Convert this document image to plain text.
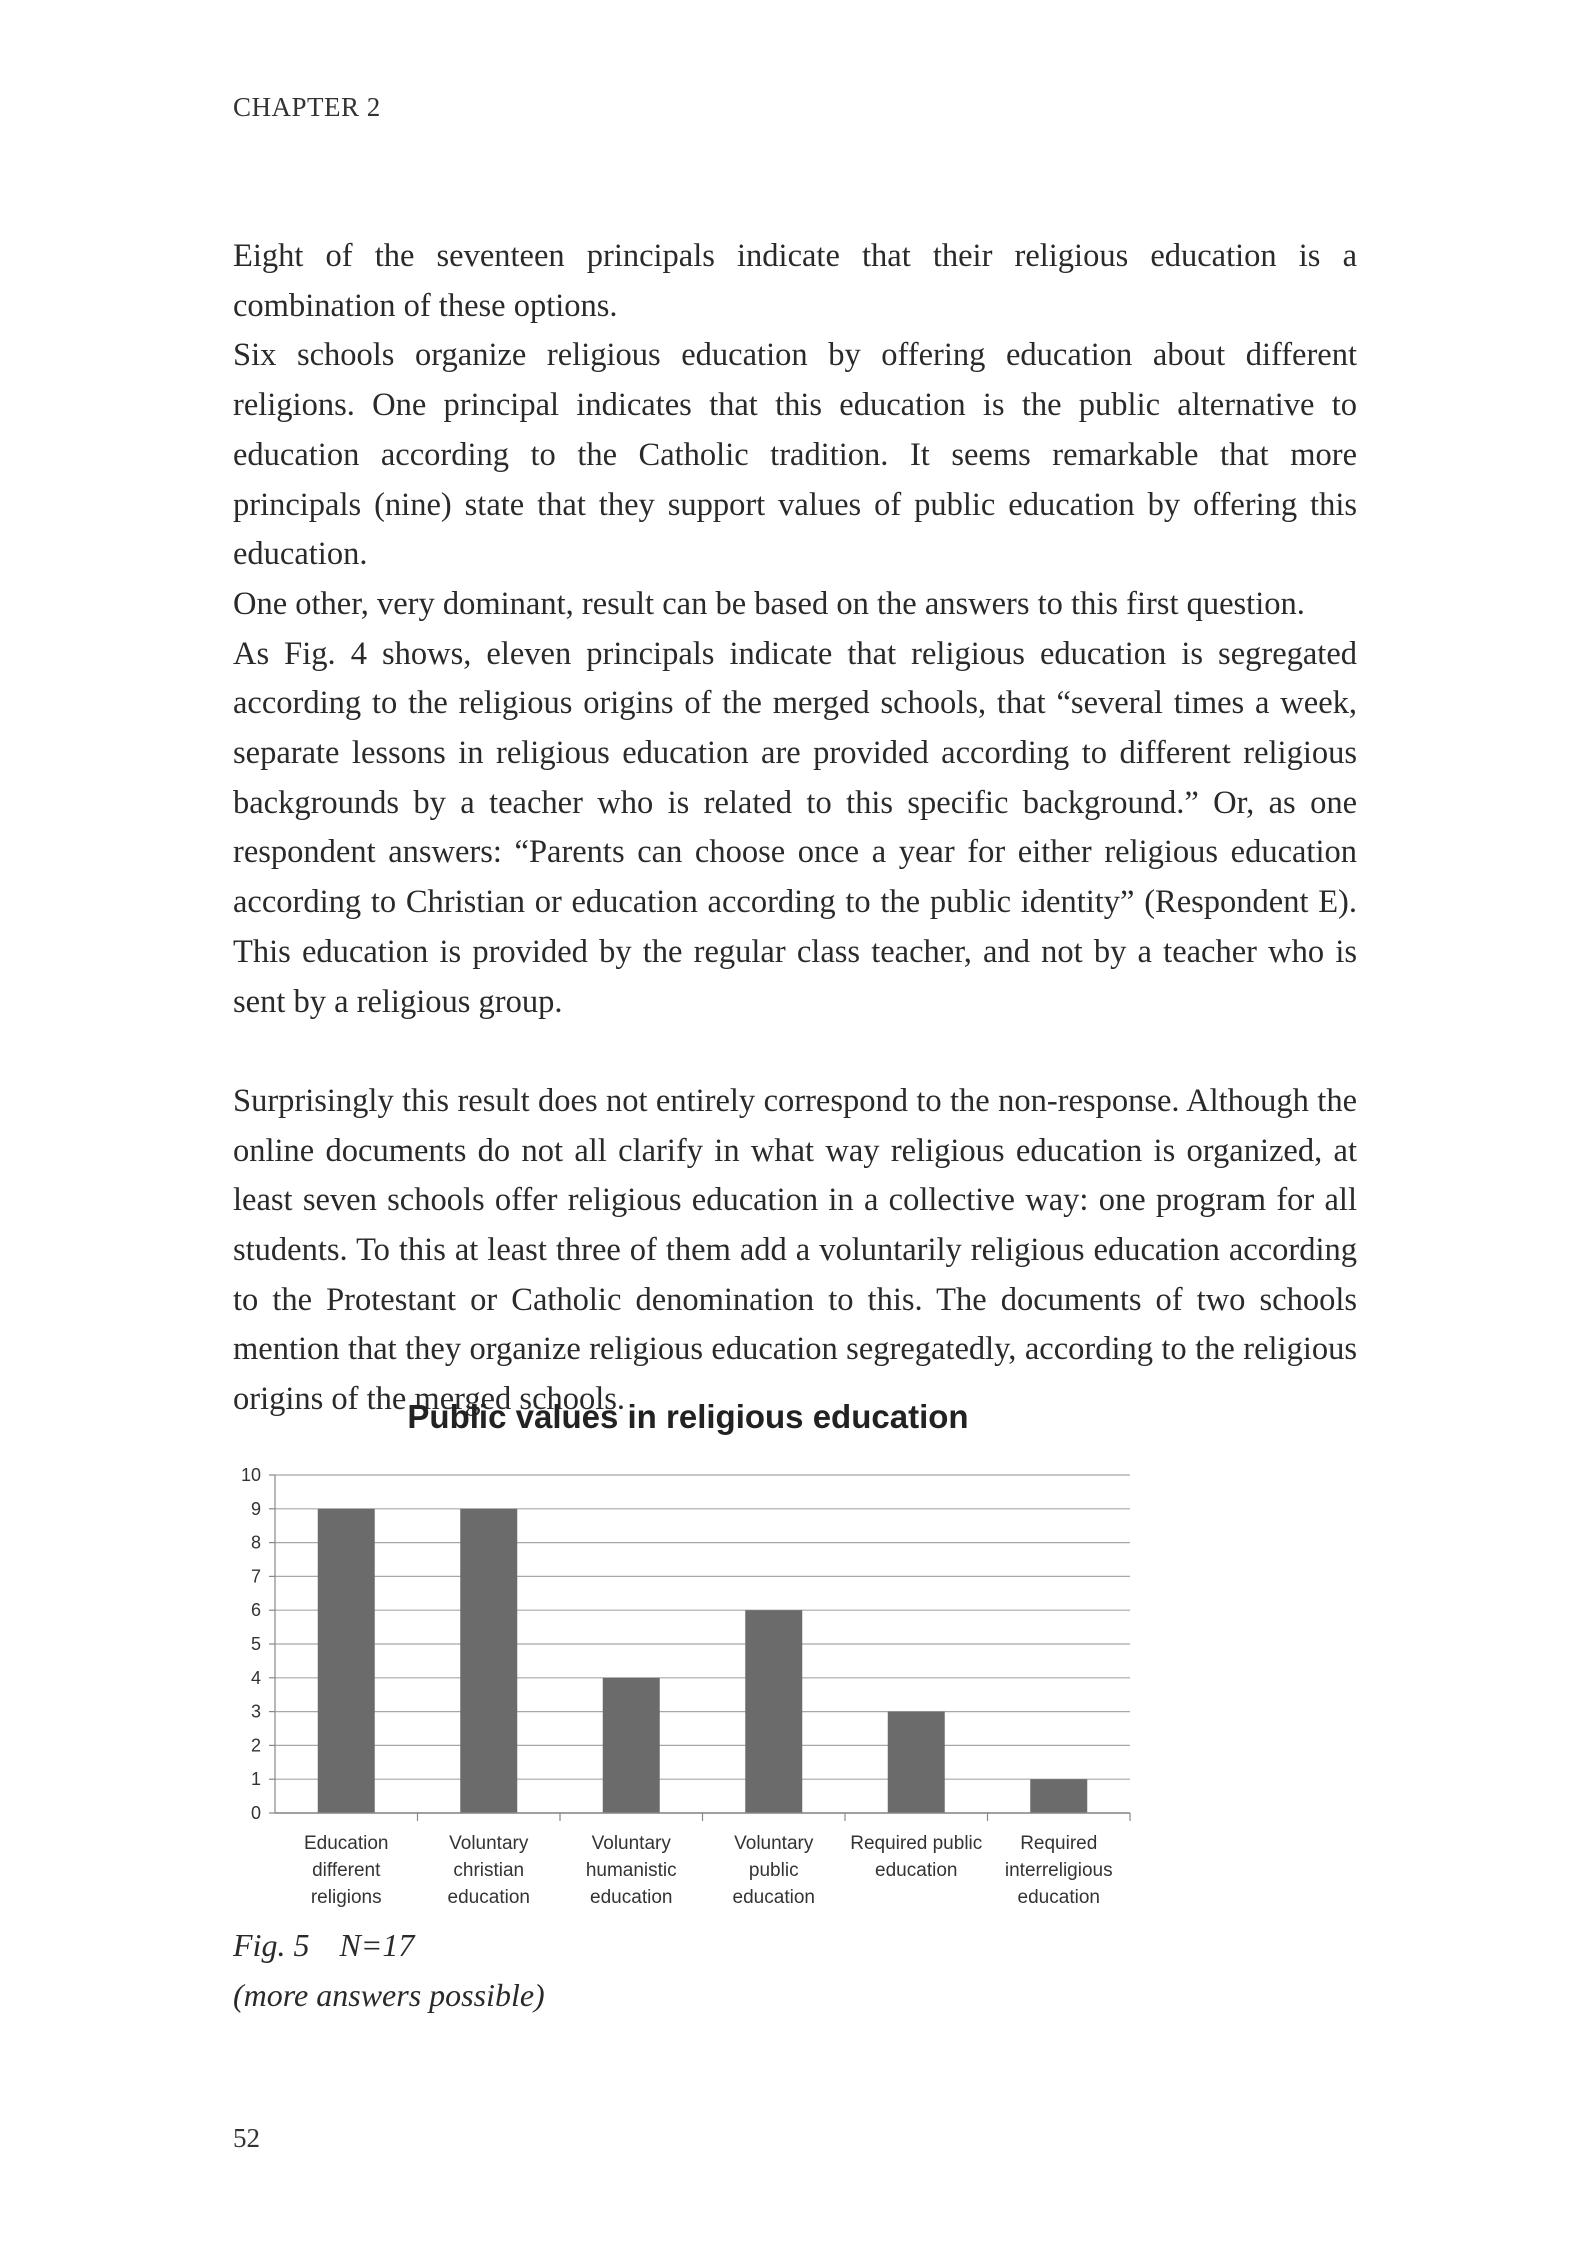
CHAPTER 2

Eight of the seventeen principals indicate that their religious education is a combination of these options.

Six schools organize religious education by offering education about different religions. One principal indicates that this education is the public alternative to education according to the Catholic tradition. It seems remarkable that more principals (nine) state that they support values of public education by offering this education.

One other, very dominant, result can be based on the answers to this first question.

As Fig. 4 shows, eleven principals indicate that religious education is segregated according to the religious origins of the merged schools, that “several times a week, separate lessons in religious education are provided according to different religious backgrounds by a teacher who is related to this specific background.” Or, as one respondent answers: “Parents can choose once a year for either religious education according to Christian or education according to the public identity” (Respondent E). This education is provided by the regular class teacher, and not by a teacher who is sent by a religious group.

Surprisingly this result does not entirely correspond to the non-response. Although the online documents do not all clarify in what way religious education is organized, at least seven schools offer religious education in a collective way: one program for all students. To this at least three of them add a voluntarily religious education according to the Protestant or Catholic denomination to this. The documents of two schools mention that they organize religious education segregatedly, according to the religious origins of the merged schools.

Public values in religious education
0
1
2
3
4
5
6
7
8
9
10
Education
different
religions
Voluntary
christian
education
Voluntary
humanistic
education
Voluntary
public
education
Required public
education
Required
interreligious
education
Fig. 5 N=17
(more answers possible)
52
